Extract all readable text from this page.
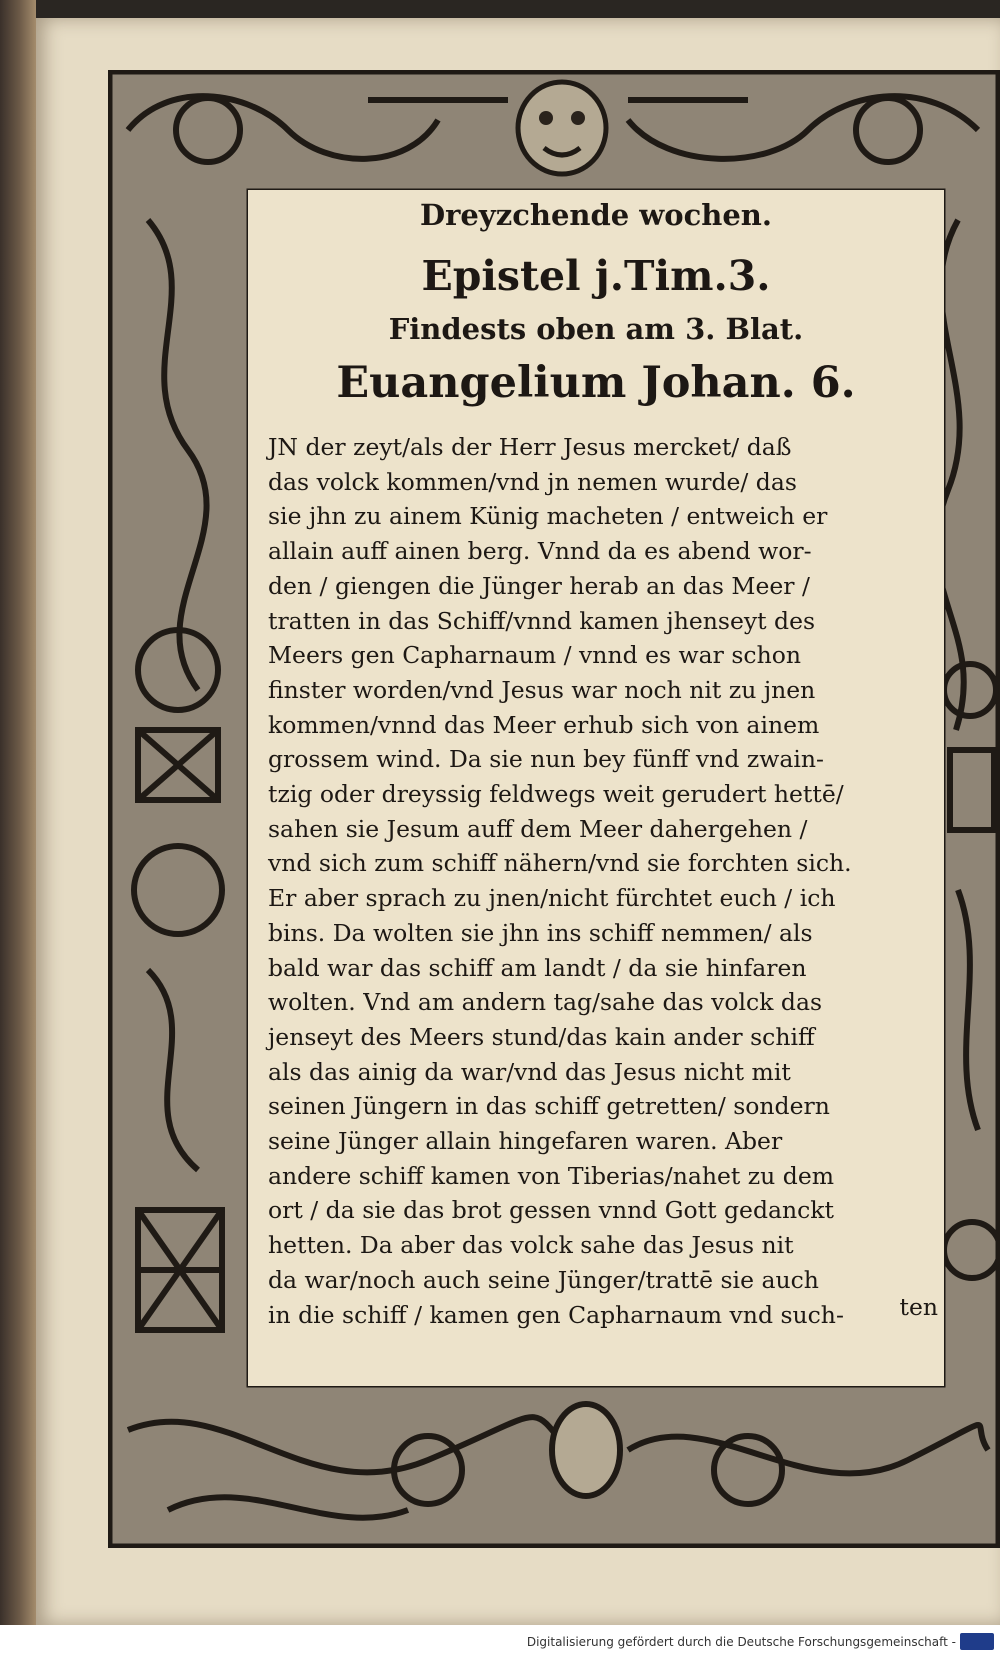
Dreyzchende wochen.
Epistel j.Tim.3.
Findests oben am 3. Blat.
Euangelium Johan. 6.
JN der zeyt/als der Herr Jesus mercket/ daß
das volck kommen/vnd jn nemen wurde/ das
sie jhn zu ainem Künig macheten / entweich er
allain auff ainen berg. Vnnd da es abend wor-
den / giengen die Jünger herab an das Meer /
tratten in das Schiff/vnnd kamen jhenseyt des
Meers gen Capharnaum / vnnd es war schon
finster worden/vnd Jesus war noch nit zu jnen
kommen/vnnd das Meer erhub sich von ainem
grossem wind. Da sie nun bey fünff vnd zwain-
tzig oder dreyssig feldwegs weit gerudert hettē/
sahen sie Jesum auff dem Meer dahergehen /
vnd sich zum schiff nähern/vnd sie forchten sich.
Er aber sprach zu jnen/nicht fürchtet euch / ich
bins. Da wolten sie jhn ins schiff nemmen/ als
bald war das schiff am landt / da sie hinfaren
wolten. Vnd am andern tag/sahe das volck das
jenseyt des Meers stund/das kain ander schiff
als das ainig da war/vnd das Jesus nicht mit
seinen Jüngern in das schiff getretten/ sondern
seine Jünger allain hingefaren waren. Aber
andere schiff kamen von Tiberias/nahet zu dem
ort / da sie das brot gessen vnnd Gott gedanckt
hetten. Da aber das volck sahe das Jesus nit
da war/noch auch seine Jünger/trattē sie auch
in die schiff / kamen gen Capharnaum vnd such-	ten
Digitalisierung gefördert durch die Deutsche Forschungsgemeinschaft -
